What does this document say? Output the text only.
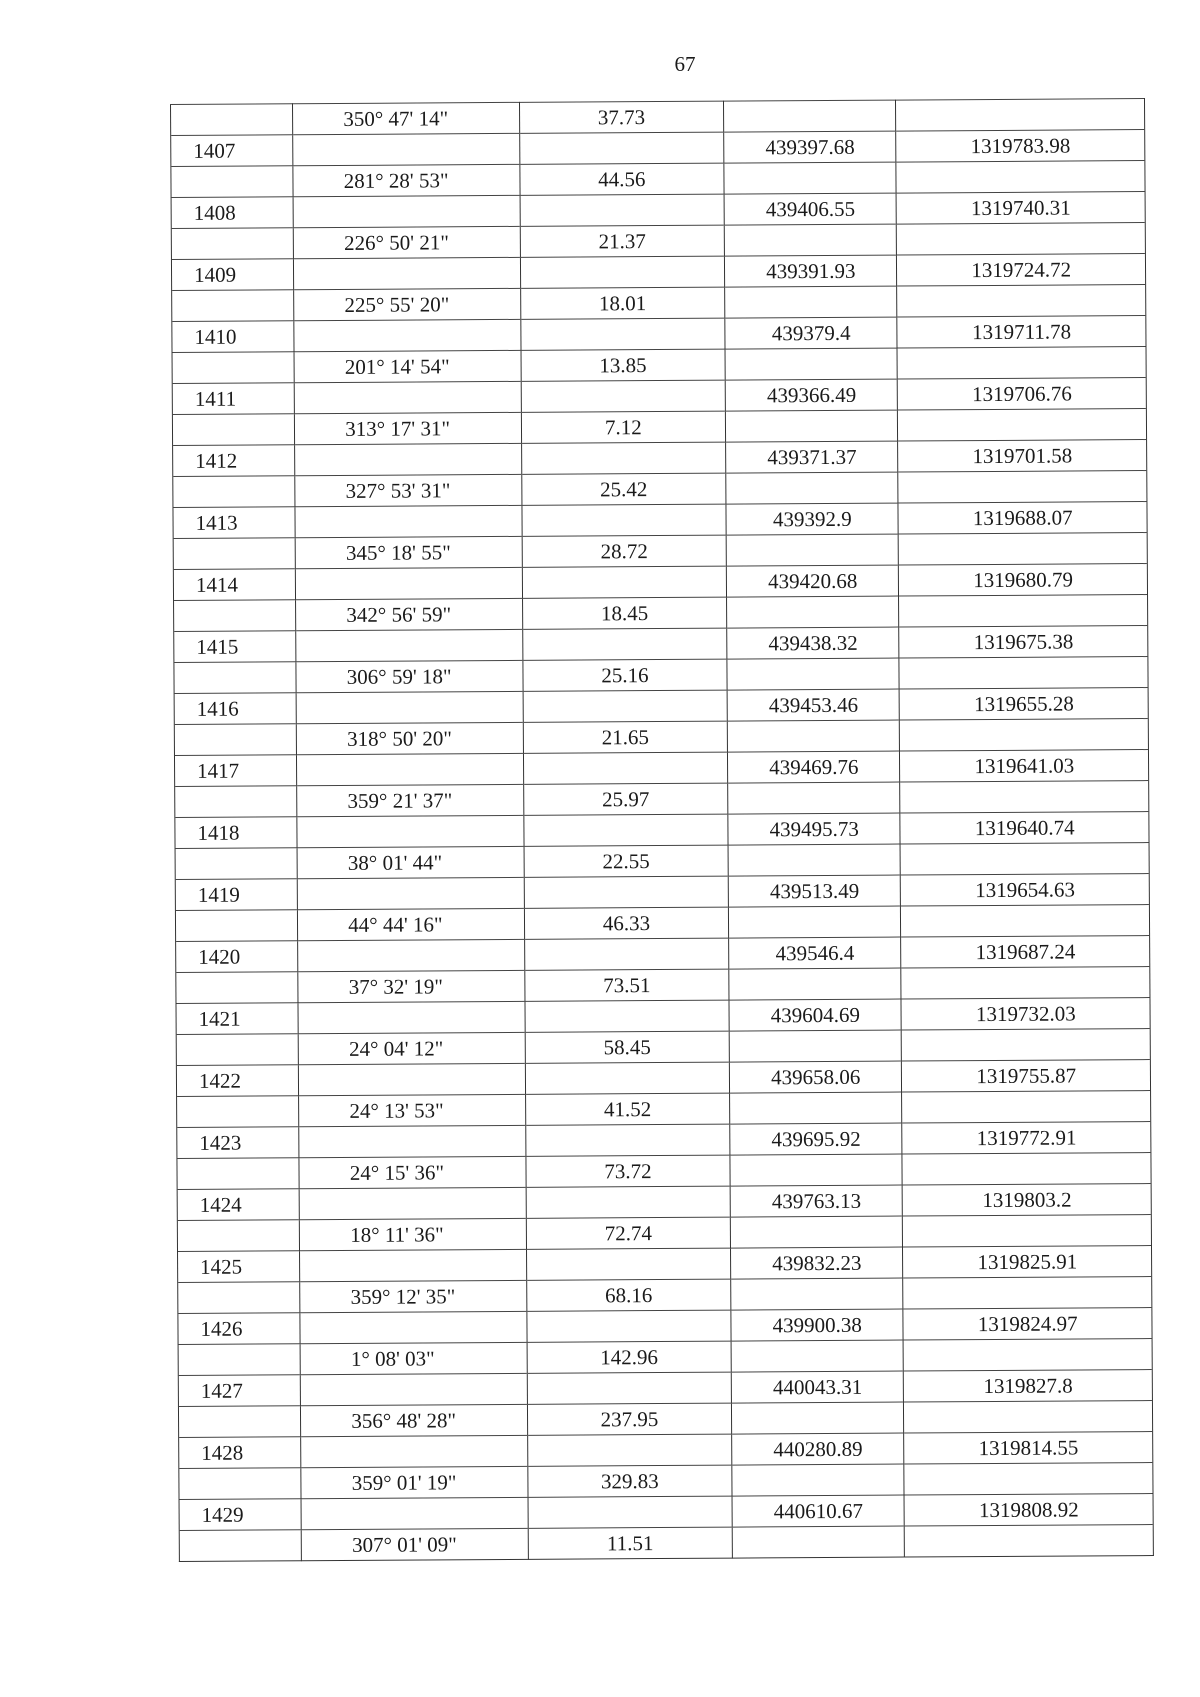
67
	350° 47' 14"	37.73		
1407			439397.68	1319783.98
	281° 28' 53"	44.56		
1408			439406.55	1319740.31
	226° 50' 21"	21.37		
1409			439391.93	1319724.72
	225° 55' 20"	18.01		
1410			439379.4	1319711.78
	201° 14' 54"	13.85		
1411			439366.49	1319706.76
	313° 17' 31"	7.12		
1412			439371.37	1319701.58
	327° 53' 31"	25.42		
1413			439392.9	1319688.07
	345° 18' 55"	28.72		
1414			439420.68	1319680.79
	342° 56' 59"	18.45		
1415			439438.32	1319675.38
	306° 59' 18"	25.16		
1416			439453.46	1319655.28
	318° 50' 20"	21.65		
1417			439469.76	1319641.03
	359° 21' 37"	25.97		
1418			439495.73	1319640.74
	38° 01' 44"	22.55		
1419			439513.49	1319654.63
	44° 44' 16"	46.33		
1420			439546.4	1319687.24
	37° 32' 19"	73.51		
1421			439604.69	1319732.03
	24° 04' 12"	58.45		
1422			439658.06	1319755.87
	24° 13' 53"	41.52		
1423			439695.92	1319772.91
	24° 15' 36"	73.72		
1424			439763.13	1319803.2
	18° 11' 36"	72.74		
1425			439832.23	1319825.91
	359° 12' 35"	68.16		
1426			439900.38	1319824.97
	1° 08' 03"	142.96		
1427			440043.31	1319827.8
	356° 48' 28"	237.95		
1428			440280.89	1319814.55
	359° 01' 19"	329.83		
1429			440610.67	1319808.92
	307° 01' 09"	11.51		
